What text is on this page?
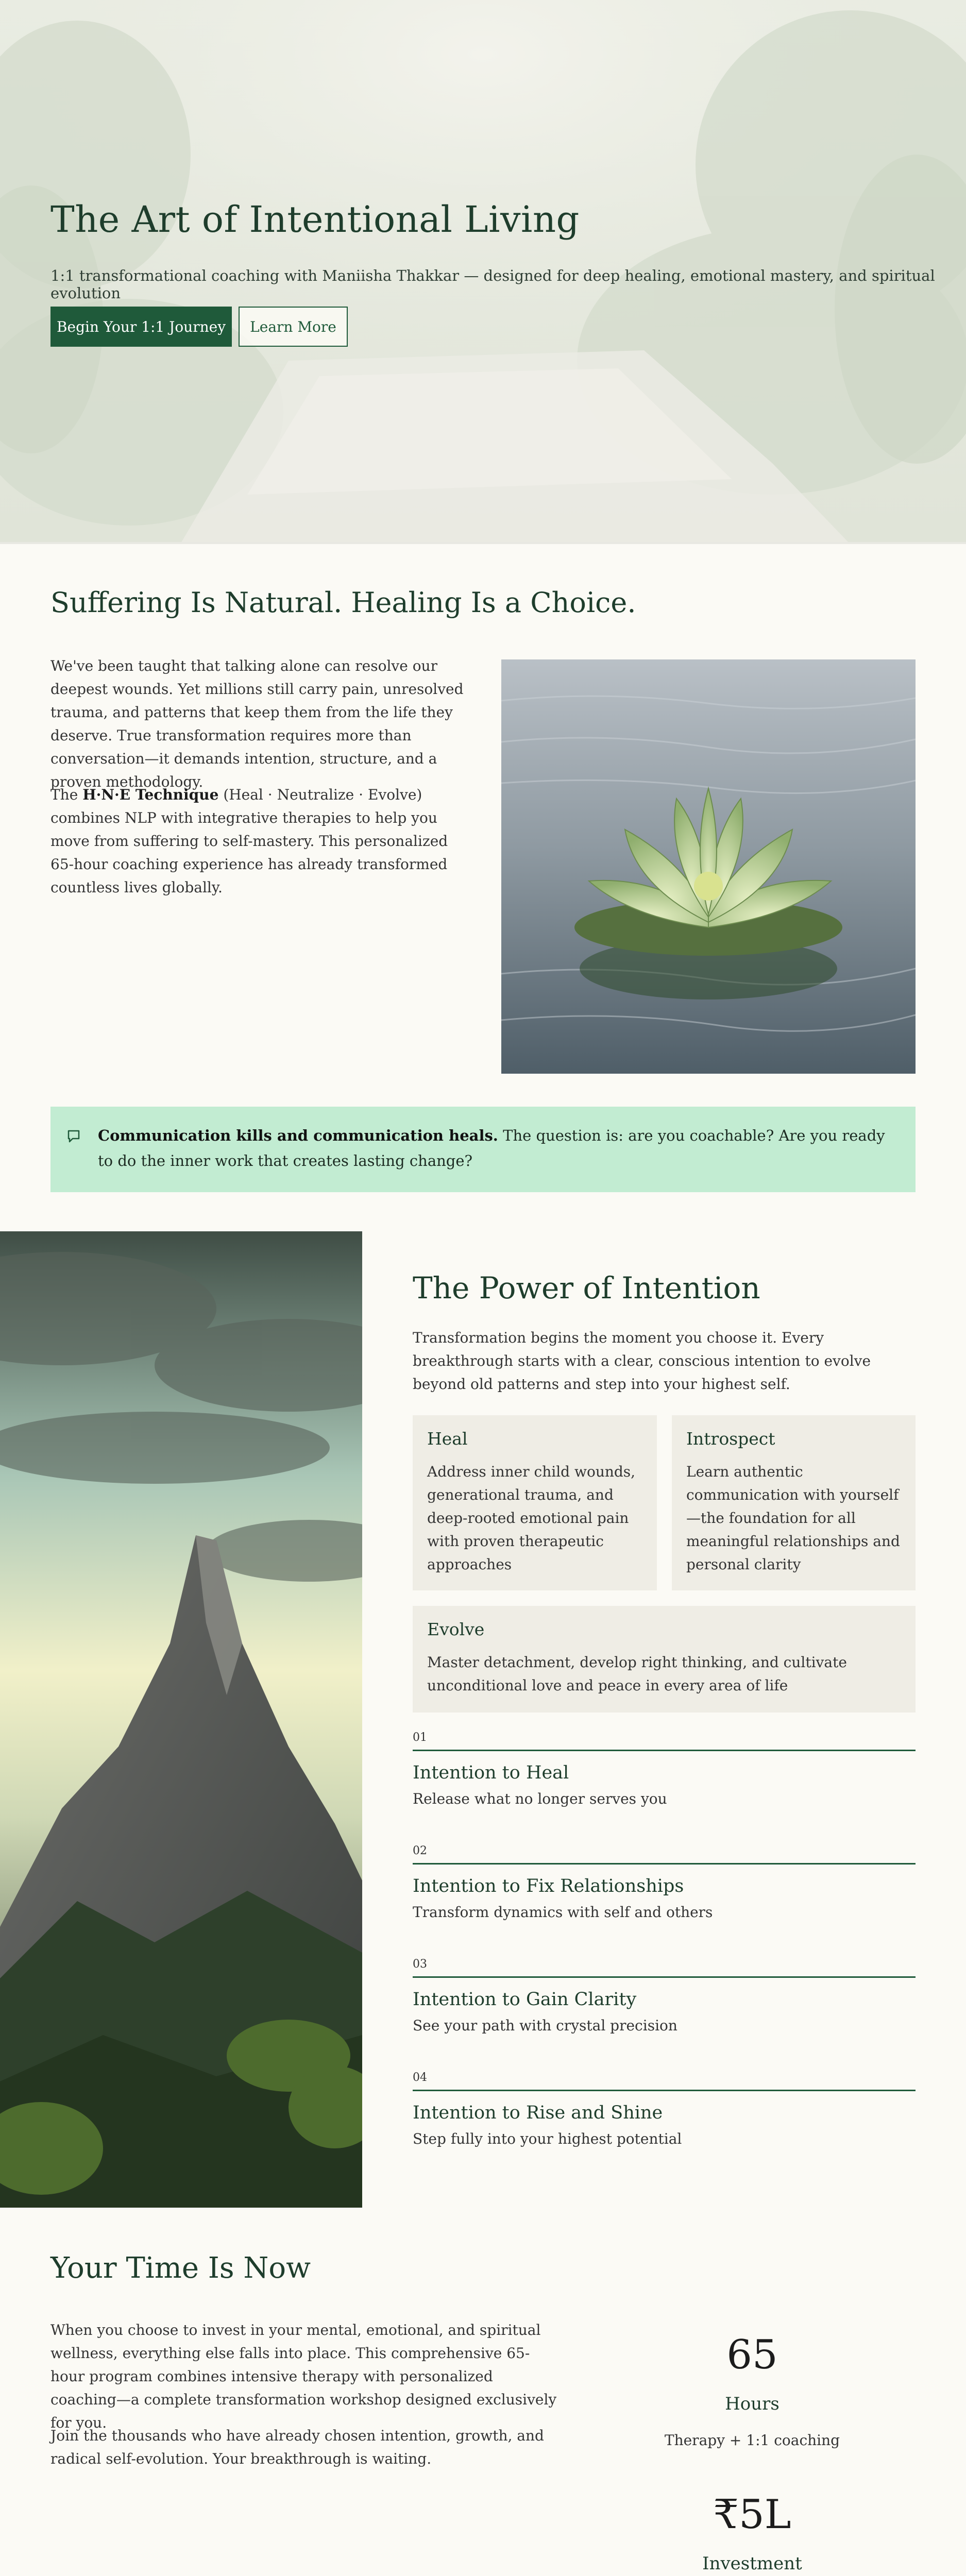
The Art of Intentional Living

1:1 transformational coaching with Maniisha Thakkar — designed for deep healing, emotional mastery, and spiritual evolution

Begin Your 1:1 Journey	Learn More
Suffering Is Natural. Healing Is a Choice.

We've been taught that talking alone can resolve our deepest wounds. Yet millions still carry pain, unresolved trauma, and patterns that keep them from the life they deserve. True transformation requires more than conversation—it demands intention, structure, and a proven methodology.

The H·N·E Technique (Heal · Neutralize · Evolve) combines NLP with integrative therapies to help you move from suffering to self-mastery. This personalized 65-hour coaching experience has already transformed countless lives globally.

Communication kills and communication heals. The question is: are you coachable? Are you ready to do the inner work that creates lasting change?

The Power of Intention

Transformation begins the moment you choose it. Every breakthrough starts with a clear, conscious intention to evolve beyond old patterns and step into your highest self.

Heal

Address inner child wounds, generational trauma, and deep-rooted emotional pain with proven therapeutic approaches

Introspect

Learn authentic communication with yourself—the foundation for all meaningful relationships and personal clarity

Evolve

Master detachment, develop right thinking, and cultivate unconditional love and peace in every area of life

01
Intention to Heal
Release what no longer serves you
02
Intention to Fix Relationships
Transform dynamics with self and others
03
Intention to Gain Clarity
See your path with crystal precision
04
Intention to Rise and Shine
Step fully into your highest potential
Your Time Is Now

When you choose to invest in your mental, emotional, and spiritual wellness, everything else falls into place. This comprehensive 65-hour program combines intensive therapy with personalized coaching—a complete transformation workshop designed exclusively for you.

Join the thousands who have already chosen intention, growth, and radical self-evolution. Your breakthrough is waiting.

65
Hours
Therapy + 1:1 coaching
₹5L
Investment
